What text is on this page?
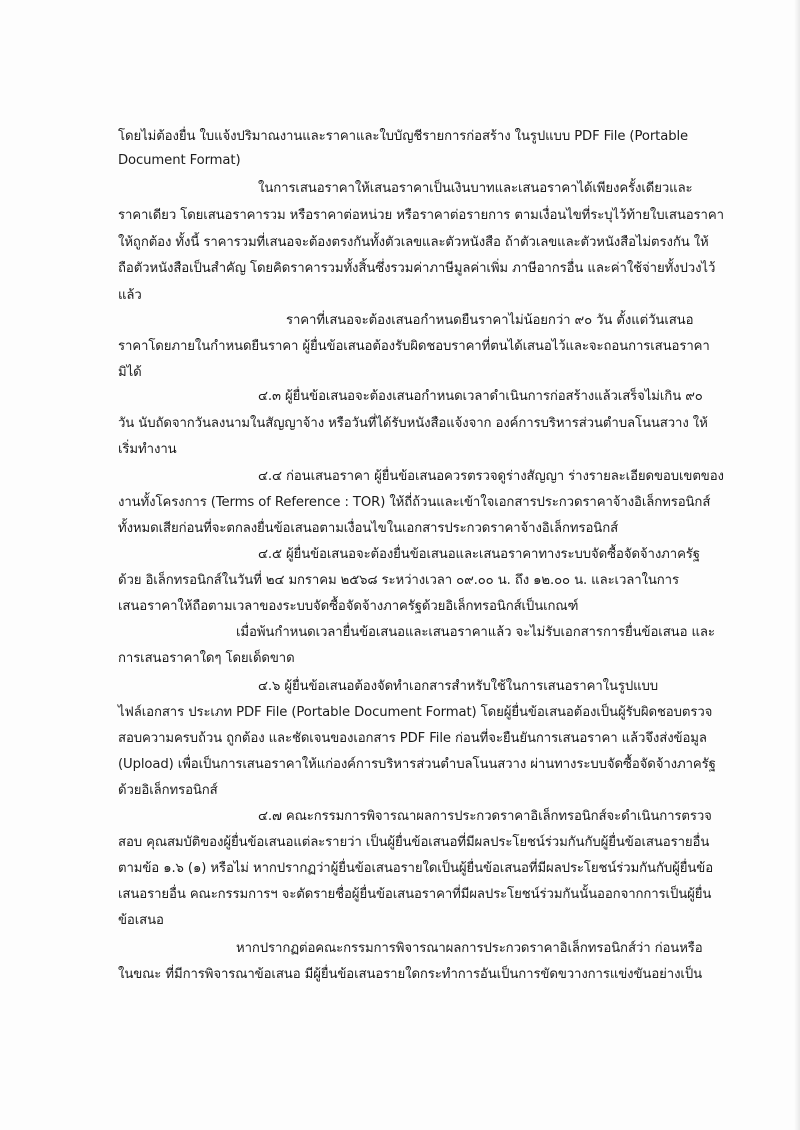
โดยไม่ต้องยื่น ใบแจ้งปริมาณงานและราคาและใบบัญชีรายการก่อสร้าง ในรูปแบบ PDF File (Portable
Document Format)
ในการเสนอราคาให้เสนอราคาเป็นเงินบาทและเสนอราคาได้เพียงครั้งเดียวและ
ราคาเดียว โดยเสนอราคารวม หรือราคาต่อหน่วย หรือราคาต่อรายการ ตามเงื่อนไขที่ระบุไว้ท้ายใบเสนอราคา
ให้ถูกต้อง ทั้งนี้ ราคารวมที่เสนอจะต้องตรงกันทั้งตัวเลขและตัวหนังสือ ถ้าตัวเลขและตัวหนังสือไม่ตรงกัน ให้
ถือตัวหนังสือเป็นสำคัญ โดยคิดราคารวมทั้งสิ้นซึ่งรวมค่าภาษีมูลค่าเพิ่ม ภาษีอากรอื่น และค่าใช้จ่ายทั้งปวงไว้
แล้ว
ราคาที่เสนอจะต้องเสนอกำหนดยืนราคาไม่น้อยกว่า ๙๐ วัน ตั้งแต่วันเสนอ
ราคาโดยภายในกำหนดยืนราคา ผู้ยื่นข้อเสนอต้องรับผิดชอบราคาที่ตนได้เสนอไว้และจะถอนการเสนอราคา
มิได้
๔.๓ ผู้ยื่นข้อเสนอจะต้องเสนอกำหนดเวลาดำเนินการก่อสร้างแล้วเสร็จไม่เกิน ๙๐
วัน นับถัดจากวันลงนามในสัญญาจ้าง หรือวันที่ได้รับหนังสือแจ้งจาก องค์การบริหารส่วนตำบลโนนสวาง ให้
เริ่มทำงาน
๔.๔ ก่อนเสนอราคา ผู้ยื่นข้อเสนอควรตรวจดูร่างสัญญา ร่างรายละเอียดขอบเขตของ
งานทั้งโครงการ (Terms of Reference : TOR) ให้ถี่ถ้วนและเข้าใจเอกสารประกวดราคาจ้างอิเล็กทรอนิกส์
ทั้งหมดเสียก่อนที่จะตกลงยื่นข้อเสนอตามเงื่อนไขในเอกสารประกวดราคาจ้างอิเล็กทรอนิกส์
๔.๕ ผู้ยื่นข้อเสนอจะต้องยื่นข้อเสนอและเสนอราคาทางระบบจัดซื้อจัดจ้างภาครัฐ
ด้วย อิเล็กทรอนิกส์ในวันที่ ๒๔ มกราคม ๒๕๖๘ ระหว่างเวลา ๐๙.๐๐ น. ถึง ๑๒.๐๐ น. และเวลาในการ
เสนอราคาให้ถือตามเวลาของระบบจัดซื้อจัดจ้างภาครัฐด้วยอิเล็กทรอนิกส์เป็นเกณฑ์
เมื่อพ้นกำหนดเวลายื่นข้อเสนอและเสนอราคาแล้ว จะไม่รับเอกสารการยื่นข้อเสนอ และ
การเสนอราคาใดๆ โดยเด็ดขาด
๔.๖ ผู้ยื่นข้อเสนอต้องจัดทำเอกสารสำหรับใช้ในการเสนอราคาในรูปแบบ
ไฟล์เอกสาร ประเภท PDF File (Portable Document Format) โดยผู้ยื่นข้อเสนอต้องเป็นผู้รับผิดชอบตรวจ
สอบความครบถ้วน ถูกต้อง และชัดเจนของเอกสาร PDF File ก่อนที่จะยืนยันการเสนอราคา แล้วจึงส่งข้อมูล
(Upload) เพื่อเป็นการเสนอราคาให้แก่องค์การบริหารส่วนตำบลโนนสวาง ผ่านทางระบบจัดซื้อจัดจ้างภาครัฐ
ด้วยอิเล็กทรอนิกส์
๔.๗ คณะกรรมการพิจารณาผลการประกวดราคาอิเล็กทรอนิกส์จะดำเนินการตรวจ
สอบ คุณสมบัติของผู้ยื่นข้อเสนอแต่ละรายว่า เป็นผู้ยื่นข้อเสนอที่มีผลประโยชน์ร่วมกันกับผู้ยื่นข้อเสนอรายอื่น
ตามข้อ ๑.๖ (๑) หรือไม่ หากปรากฏว่าผู้ยื่นข้อเสนอรายใดเป็นผู้ยื่นข้อเสนอที่มีผลประโยชน์ร่วมกันกับผู้ยื่นข้อ
เสนอรายอื่น คณะกรรมการฯ จะตัดรายชื่อผู้ยื่นข้อเสนอราคาที่มีผลประโยชน์ร่วมกันนั้นออกจากการเป็นผู้ยื่น
ข้อเสนอ
หากปรากฏต่อคณะกรรมการพิจารณาผลการประกวดราคาอิเล็กทรอนิกส์ว่า ก่อนหรือ
ในขณะ ที่มีการพิจารณาข้อเสนอ มีผู้ยื่นข้อเสนอรายใดกระทำการอันเป็นการขัดขวางการแข่งขันอย่างเป็น
